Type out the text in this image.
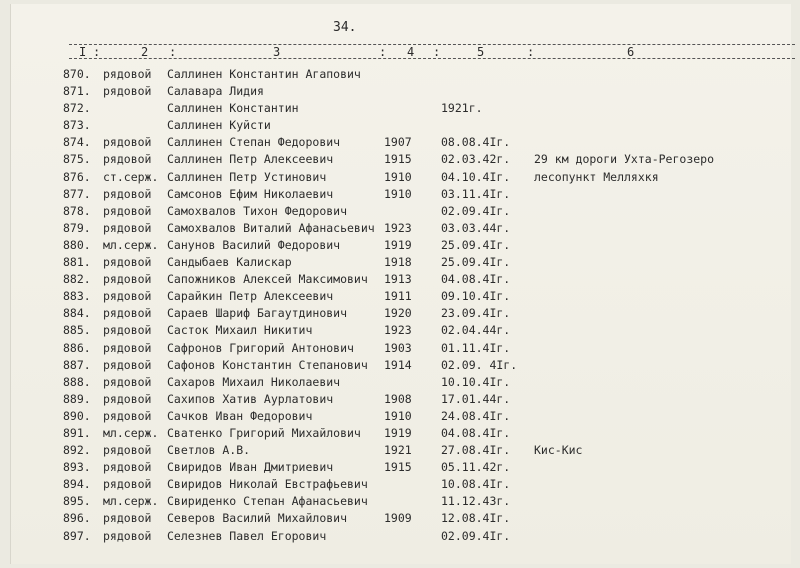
34.
I :	2 :	3	: 4 :	5	:	6
870. рядовой Саллинен Константин Агапович
871. рядовой Салавара Лидия
872.	Саллинен Константин	1921г.
873.	Саллинен Куйсти
874. рядовой Саллинен Степан Федорович	1907	08.08.4Iг.
875. рядовой Саллинен Петр Алексеевич	1915	02.03.42г. 29 км дороги Ухта-Регозеро
876. ст.серж. Саллинен Петр Устинович	1910	04.10.4Iг. лесопункт Мелляхкя
877. рядовой Самсонов Ефим Николаевич	1910	03.11.4Iг.
878. рядовой Самохвалов Тихон Федорович	02.09.4Iг.
879. рядовой Самохвалов Виталий Афанасьевич 1923	03.03.44г.
880. мл.серж. Санунов Василий Федорович	1919	25.09.4Iг.
881. рядовой Сандыбаев Калискар	1918	25.09.4Iг.
882. рядовой Сапожников Алексей Максимович 1913	04.08.4Iг.
883. рядовой Сарайкин Петр Алексеевич	1911	09.10.4Iг.
884. рядовой Сараев Шариф Багаутдинович	1920	23.09.4Iг.
885. рядовой Састок Михаил Никитич	1923	02.04.44г.
886. рядовой Сафронов Григорий Антонович	1903	01.11.4Iг.
887. рядовой Сафонов Константин Степанович 1914	02.09. 4Iг.
888. рядовой Сахаров Михаил Николаевич	10.10.4Iг.
889. рядовой Сахипов Хатив Аурлатович	1908	17.01.44г.
890. рядовой Сачков Иван Федорович	1910	24.08.4Iг.
891. мл.серж. Сватенко Григорий Михайлович 1919	04.08.4Iг.
892. рядовой Светлов А.В.	1921	27.08.4Iг. Кис-Кис
893. рядовой Свиридов Иван Дмитриевич	1915	05.11.42г.
894. рядовой Свиридов Николай Евстрафьевич	10.08.4Iг.
895. мл.серж. Свириденко Степан Афанасьевич	11.12.43г.
896. рядовой Северов Василий Михайлович	1909	12.08.4Iг.
897. рядовой Селезнев Павел Егорович	02.09.4Iг.
